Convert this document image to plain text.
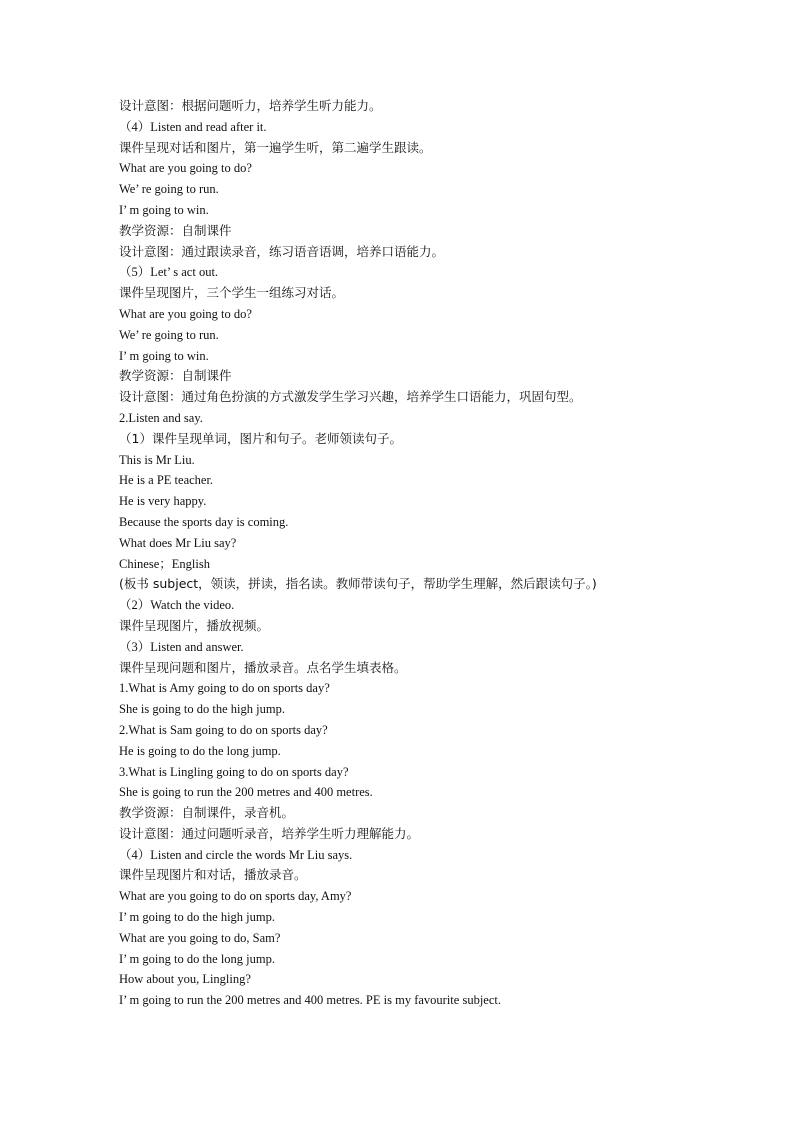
设计意图：根据问题听力，培养学生听力能力。
（4）Listen and read after it.
课件呈现对话和图片，第一遍学生听，第二遍学生跟读。
What are you going to do?
We’ re going to run.
I’ m going to win.
教学资源：自制课件
设计意图：通过跟读录音，练习语音语调，培养口语能力。
（5）Let’ s act out.
课件呈现图片，三个学生一组练习对话。
What are you going to do?
We’ re going to run.
I’ m going to win.
教学资源：自制课件
设计意图：通过角色扮演的方式激发学生学习兴趣，培养学生口语能力，巩固句型。
2.Listen and say.
（1）课件呈现单词，图片和句子。老师领读句子。
This is Mr Liu.
He is a PE teacher.
He is very happy.
Because the sports day is coming.
What does Mr Liu say?
Chinese；English
(板书 subject，领读，拼读，指名读。教师带读句子，帮助学生理解，然后跟读句子。)
（2）Watch the video.
课件呈现图片，播放视频。
（3）Listen and answer.
课件呈现问题和图片，播放录音。点名学生填表格。
1.What is Amy going to do on sports day?
She is going to do the high jump.
2.What is Sam going to do on sports day?
He is going to do the long jump.
3.What is Lingling going to do on sports day?
She is going to run the 200 metres and 400 metres.
教学资源：自制课件，录音机。
设计意图：通过问题听录音，培养学生听力理解能力。
（4）Listen and circle the words Mr Liu says.
课件呈现图片和对话，播放录音。
What are you going to do on sports day, Amy?
I’ m going to do the high jump.
What are you going to do, Sam?
I’ m going to do the long jump.
How about you, Lingling?
I’ m going to run the 200 metres and 400 metres. PE is my favourite subject.
